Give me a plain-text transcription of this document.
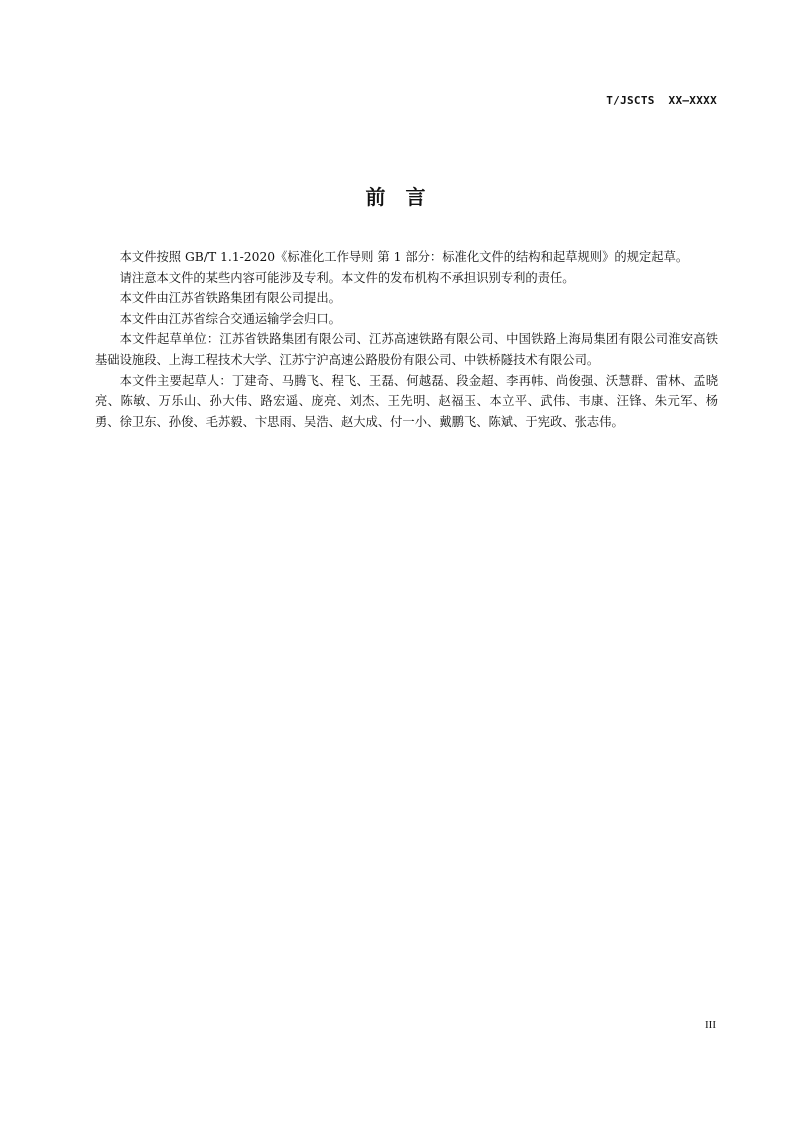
T/JSCTS  XX—XXXX
前  言

本文件按照 GB/T 1.1-2020《标准化工作导则 第 1 部分：标准化文件的结构和起草规则》的规定起草。

请注意本文件的某些内容可能涉及专利。本文件的发布机构不承担识别专利的责任。

本文件由江苏省铁路集团有限公司提出。

本文件由江苏省综合交通运输学会归口。

本文件起草单位：江苏省铁路集团有限公司、江苏高速铁路有限公司、中国铁路上海局集团有限公司淮安高铁基础设施段、上海工程技术大学、江苏宁沪高速公路股份有限公司、中铁桥隧技术有限公司。

本文件主要起草人：丁建奇、马腾飞、程飞、王磊、何越磊、段金超、李再帏、尚俊强、沃慧群、雷林、孟晓亮、陈敏、万乐山、孙大伟、路宏遥、庞亮、刘杰、王先明、赵福玉、本立平、武伟、韦康、汪锋、朱元军、杨勇、徐卫东、孙俊、毛苏毅、卞思雨、吴浩、赵大成、付一小、戴鹏飞、陈斌、于宪政、张志伟。

III
